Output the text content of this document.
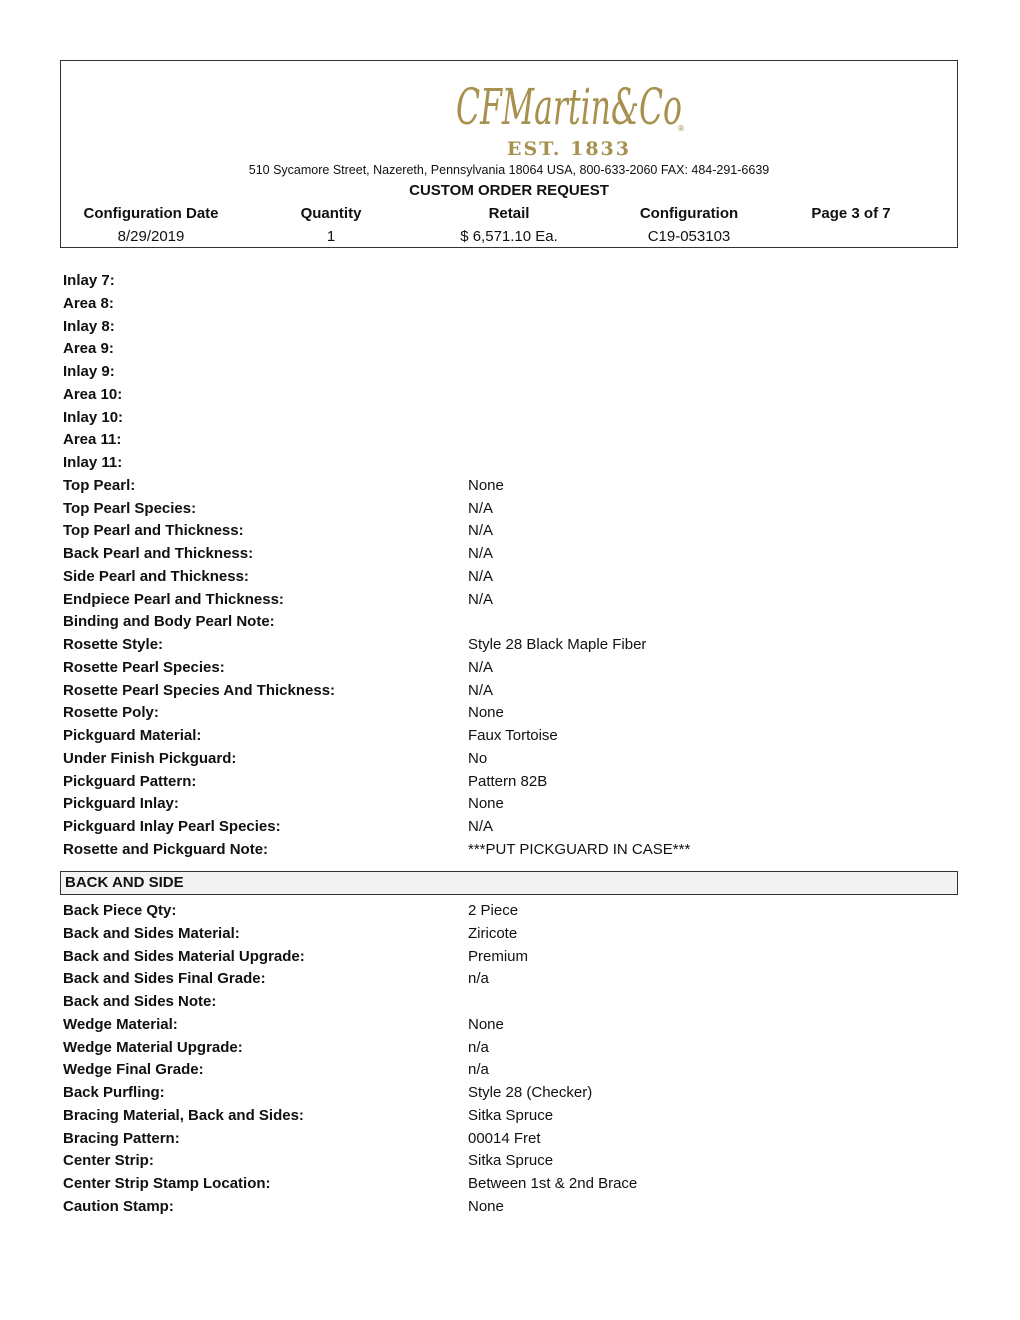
CFMartin&Co
EST. 1833
®
510 Sycamore Street, Nazereth, Pennsylvania 18064 USA, 800-633-2060 FAX: 484-291-6639
CUSTOM ORDER REQUEST
Configuration Date	Quantity	Retail	Configuration	Page 3 of 7
8/29/2019	1	$ 6,571.10 Ea.	C19-053103
Inlay 7:
Area 8:
Inlay 8:
Area 9:
Inlay 9:
Area 10:
Inlay 10:
Area 11:
Inlay 11:
Top Pearl:	None
Top Pearl Species:	N/A
Top Pearl and Thickness:	N/A
Back Pearl and Thickness:	N/A
Side Pearl and Thickness:	N/A
Endpiece Pearl and Thickness:	N/A
Binding and Body Pearl Note:
Rosette Style:	Style 28 Black Maple Fiber
Rosette Pearl Species:	N/A
Rosette Pearl Species And Thickness:	N/A
Rosette Poly:	None
Pickguard Material:	Faux Tortoise
Under Finish Pickguard:	No
Pickguard Pattern:	Pattern 82B
Pickguard Inlay:	None
Pickguard Inlay Pearl Species:	N/A
Rosette and Pickguard Note:	***PUT PICKGUARD IN CASE***
BACK AND SIDE
Back Piece Qty:	2 Piece
Back and Sides Material:	Ziricote
Back and Sides Material Upgrade:	Premium
Back and Sides Final Grade:	n/a
Back and Sides Note:
Wedge Material:	None
Wedge Material Upgrade:	n/a
Wedge Final Grade:	n/a
Back Purfling:	Style 28 (Checker)
Bracing Material, Back and Sides:	Sitka Spruce
Bracing Pattern:	00014 Fret
Center Strip:	Sitka Spruce
Center Strip Stamp Location:	Between 1st & 2nd Brace
Caution Stamp:	None
